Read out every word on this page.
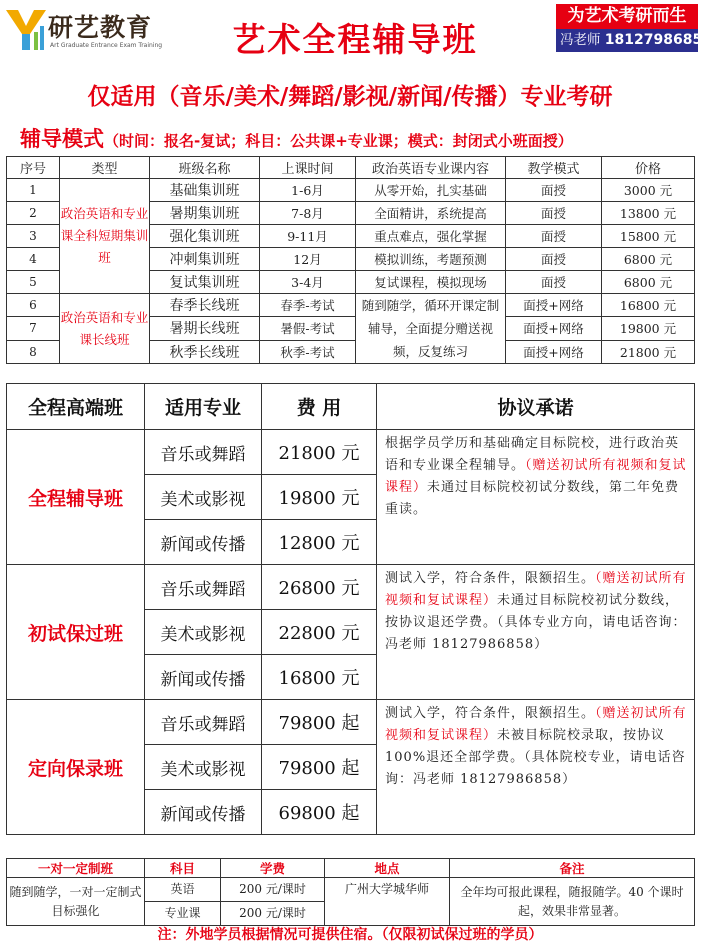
研艺教育
Art Graduate Entrance Exam Training	艺术全程辅导班
为艺术考研而生
冯老师 18127986858
仅适用（音乐/美术/舞蹈/影视/新闻/传播）专业考研
辅导模式（时间：报名-复试；科目：公共课+专业课；模式：封闭式小班面授）
序号	类型	班级名称	上课时间	政治英语专业课内容	教学模式	价格
1	政治英语和专业课全科短期集训班	基础集训班	1-6月	从零开始，扎实基础	面授	3000 元
2		暑期集训班	7-8月	全面精讲，系统提高	面授	13800 元
3		强化集训班	9-11月	重点难点，强化掌握	面授	15800 元
4		冲刺集训班	12月	模拟训练，考题预测	面授	6800 元
5		复试集训班	3-4月	复试课程，模拟现场	面授	6800 元
6	政治英语和专业课长线班	春季长线班	春季-考试	随到随学，循环开课定制辅导，全面提分赠送视频，反复练习	面授+网络	16800 元
7		暑期长线班	暑假-考试		面授+网络	19800 元
8		秋季长线班	秋季-考试		面授+网络	21800 元
全程高端班	适用专业	费 用	协议承诺
全程辅导班	音乐或舞蹈	21800 元	根据学员学历和基础确定目标院校，进行政治英语和专业课全程辅导。（赠送初试所有视频和复试课程）未通过目标院校初试分数线，第二年免费重读。
	美术或影视	19800 元	
	新闻或传播	12800 元	
初试保过班	音乐或舞蹈	26800 元	测试入学，符合条件，限额招生。（赠送初试所有视频和复试课程）未通过目标院校初试分数线，按协议退还学费。（具体专业方向，请电话咨询：冯老师 18127986858）
	美术或影视	22800 元	
	新闻或传播	16800 元	
定向保录班	音乐或舞蹈	79800 起	测试入学，符合条件，限额招生。（赠送初试所有视频和复试课程）未被目标院校录取，按协议 100%退还全部学费。（具体院校专业，请电话咨询：冯老师 18127986858）
	美术或影视	79800 起	
	新闻或传播	69800 起	
一对一定制班	科目	学费	地点	备注
随到随学，一对一定制式目标强化	英语	200 元/课时	广州大学城华师	全年均可报此课程，随报随学。40 个课时起，效果非常显著。
	专业课	200 元/课时		
注：外地学员根据情况可提供住宿。（仅限初试保过班的学员）
